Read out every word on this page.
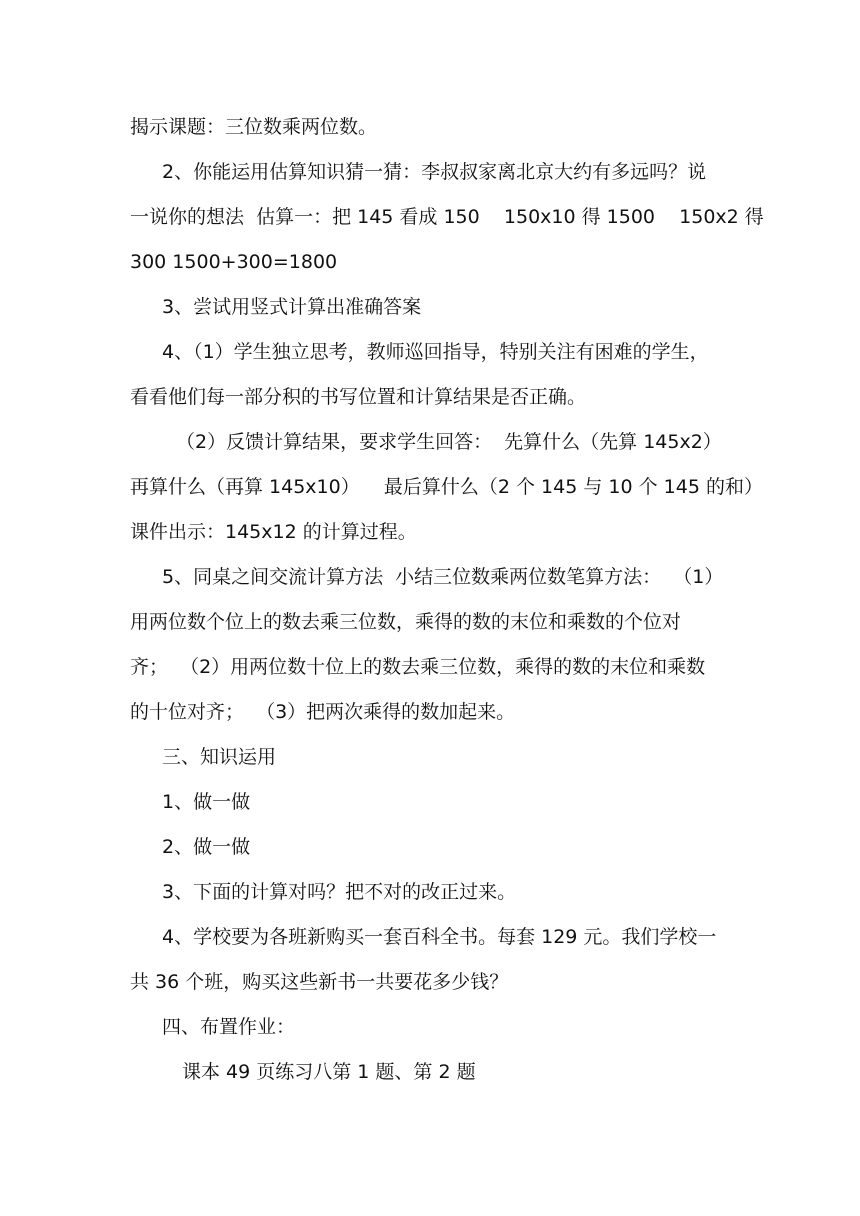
揭示课题：三位数乘两位数。
2、你能运用估算知识猜一猜：李叔叔家离北京大约有多远吗？说
一说你的想法  估算一：把 145 看成 150    150x10 得 1500    150x2 得
300 1500+300=1800
3、尝试用竖式计算出准确答案
4、（1）学生独立思考，教师巡回指导，特别关注有困难的学生，
看看他们每一部分积的书写位置和计算结果是否正确。
（2）反馈计算结果，要求学生回答：  先算什么（先算 145x2）
再算什么（再算 145x10）    最后算什么（2 个 145 与 10 个 145 的和）
课件出示：145x12 的计算过程。
5、同桌之间交流计算方法  小结三位数乘两位数笔算方法：  （1）
用两位数个位上的数去乘三位数，乘得的数的末位和乘数的个位对
齐；  （2）用两位数十位上的数去乘三位数，乘得的数的末位和乘数
的十位对齐；  （3）把两次乘得的数加起来。
三、知识运用
1、做一做
2、做一做
3、下面的计算对吗？把不对的改正过来。
4、学校要为各班新购买一套百科全书。每套 129 元。我们学校一
共 36 个班，购买这些新书一共要花多少钱？
四、布置作业：
课本 49 页练习八第 1 题、第 2 题
